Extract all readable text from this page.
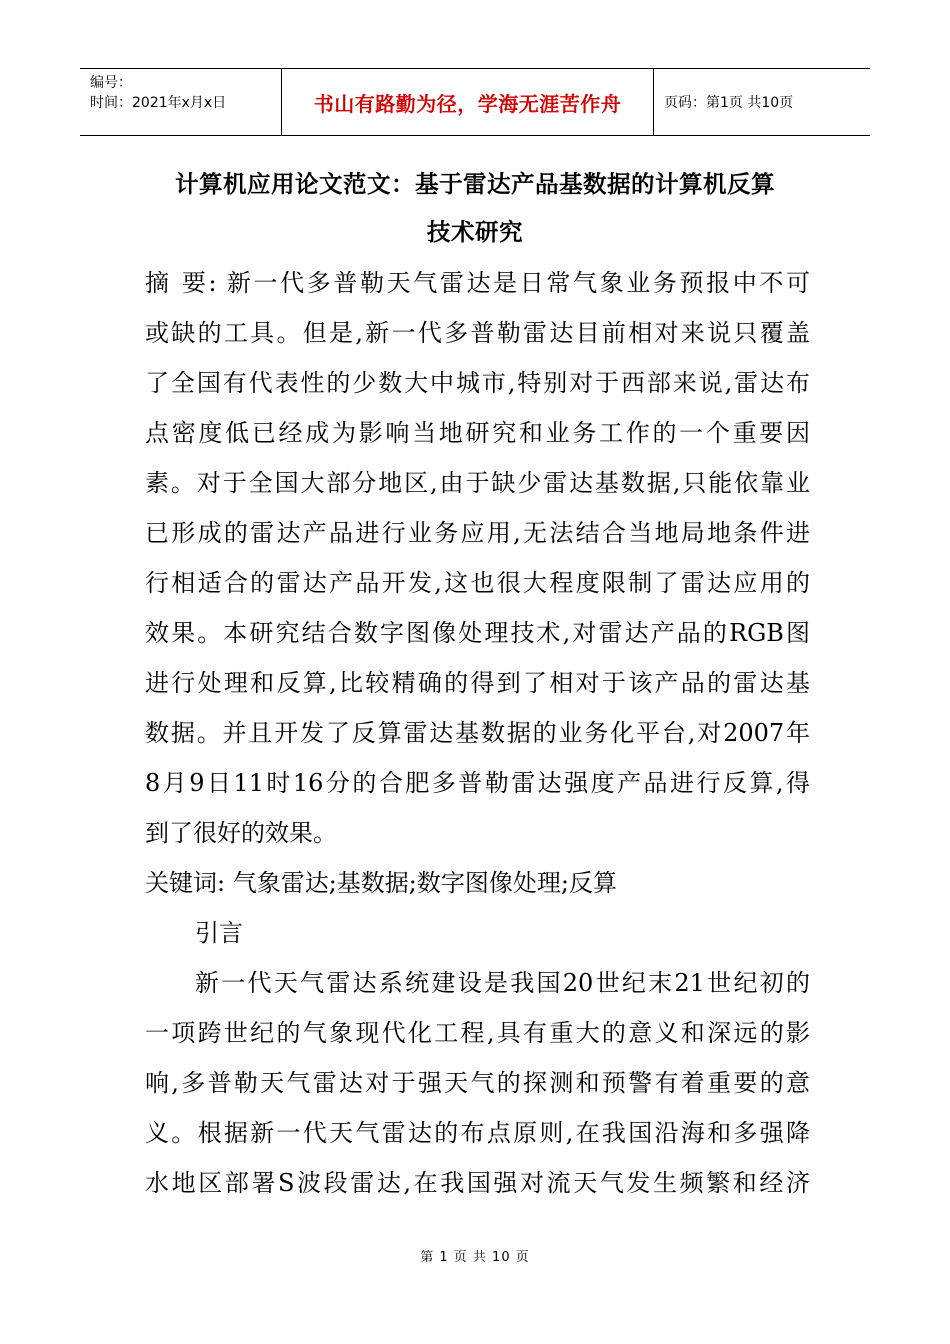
编号：
时间：2021年x月x日	书山有路勤为径，学海无涯苦作舟	页码：第1页 共10页
计算机应用论文范文：基于雷达产品基数据的计算机反算
技术研究
摘 要: 新一代多普勒天气雷达是日常气象业务预报中不可
或缺的工具。但是,新一代多普勒雷达目前相对来说只覆盖
了全国有代表性的少数大中城市,特别对于西部来说,雷达布
点密度低已经成为影响当地研究和业务工作的一个重要因
素。对于全国大部分地区,由于缺少雷达基数据,只能依靠业
已形成的雷达产品进行业务应用,无法结合当地局地条件进
行相适合的雷达产品开发,这也很大程度限制了雷达应用的
效果。本研究结合数字图像处理技术,对雷达产品的RGB图
进行处理和反算,比较精确的得到了相对于该产品的雷达基
数据。并且开发了反算雷达基数据的业务化平台,对2007年
8月9日11时16分的合肥多普勒雷达强度产品进行反算,得
到了很好的效果。
关键词: 气象雷达;基数据;数字图像处理;反算
引言
新一代天气雷达系统建设是我国20世纪末21世纪初的
一项跨世纪的气象现代化工程,具有重大的意义和深远的影
响,多普勒天气雷达对于强天气的探测和预警有着重要的意
义。根据新一代天气雷达的布点原则,在我国沿海和多强降
水地区部署S波段雷达,在我国强对流天气发生频繁和经济
第 1 页 共 10 页
